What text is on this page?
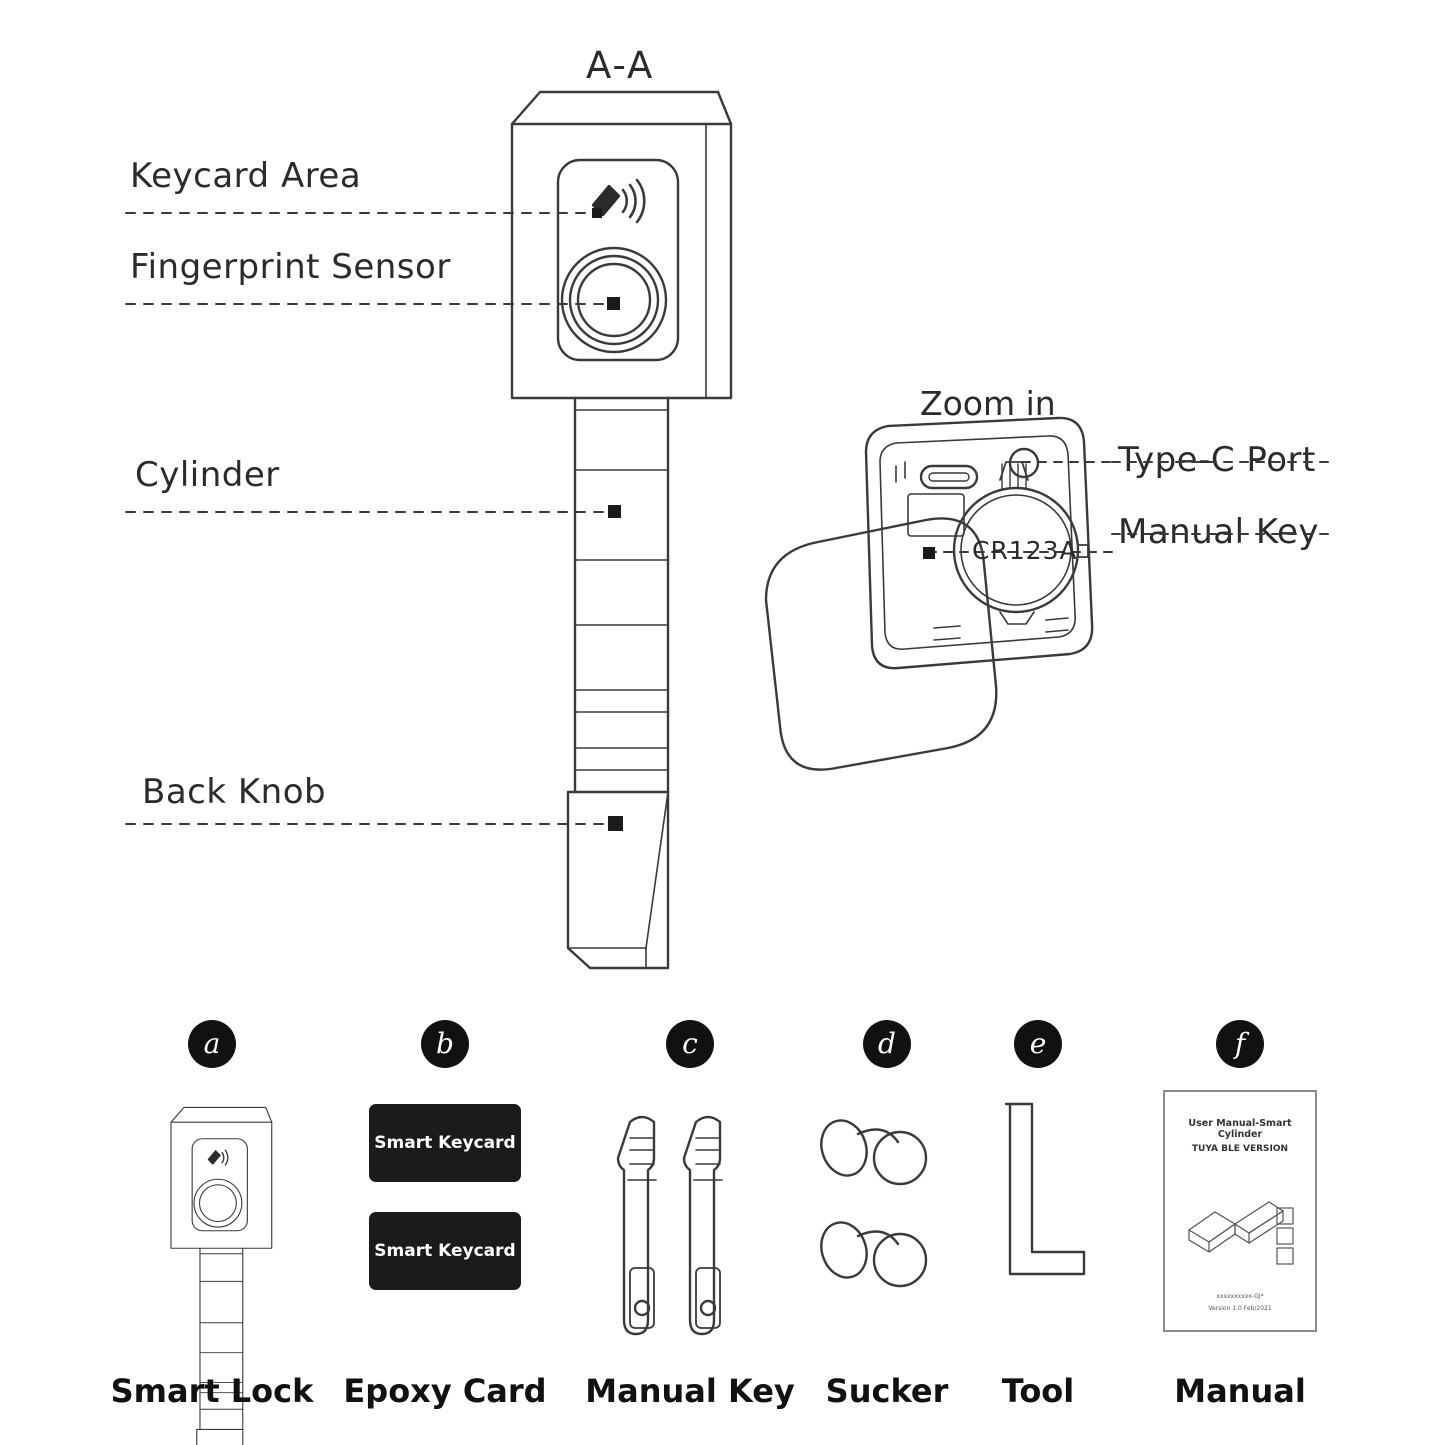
A-A
Zoom in
Keycard Area
Fingerprint Sensor
Cylinder
Back Knob
Type-C Port
Manual Key
a
Smart Lock
b
Smart Keycard
Smart Keycard
Epoxy Card
c
Manual Key
d
Sucker
e
Tool
f
User Manual-Smart Cylinder
TUYA BLE VERSION
xxxxxxxxxx-GJ*
Version 1.0 Feb/2021
Manual
CR123A
